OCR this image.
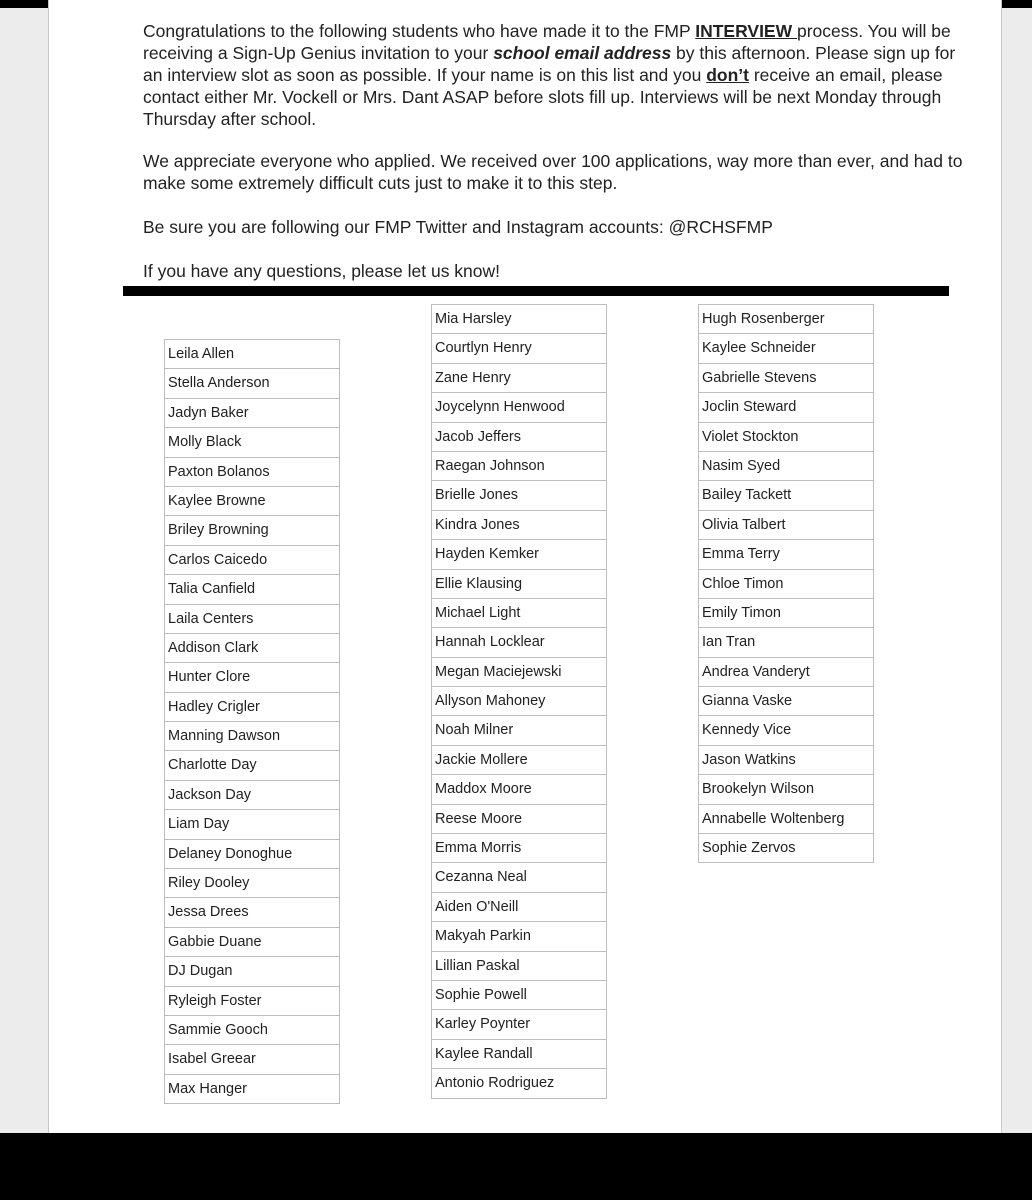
Congratulations to the following students who have made it to the FMP INTERVIEW process. You will be receiving a Sign-Up Genius invitation to your school email address by this afternoon. Please sign up for an interview slot as soon as possible. If your name is on this list and you don’t receive an email, please contact either Mr. Vockell or Mrs. Dant ASAP before slots fill up. Interviews will be next Monday through Thursday after school.

We appreciate everyone who applied. We received over 100 applications, way more than ever, and had to make some extremely difficult cuts just to make it to this step.

Be sure you are following our FMP Twitter and Instagram accounts: @RCHSFMP

If you have any questions, please let us know!

Leila Allen
Stella Anderson
Jadyn Baker
Molly Black
Paxton Bolanos
Kaylee Browne
Briley Browning
Carlos Caicedo
Talia Canfield
Laila Centers
Addison Clark
Hunter Clore
Hadley Crigler
Manning Dawson
Charlotte Day
Jackson Day
Liam Day
Delaney Donoghue
Riley Dooley
Jessa Drees
Gabbie Duane
DJ Dugan
Ryleigh Foster
Sammie Gooch
Isabel Greear
Max Hanger
Mia Harsley
Courtlyn Henry
Zane Henry
Joycelynn Henwood
Jacob Jeffers
Raegan Johnson
Brielle Jones
Kindra Jones
Hayden Kemker
Ellie Klausing
Michael Light
Hannah Locklear
Megan Maciejewski
Allyson Mahoney
Noah Milner
Jackie Mollere
Maddox Moore
Reese Moore
Emma Morris
Cezanna Neal
Aiden O'Neill
Makyah Parkin
Lillian Paskal
Sophie Powell
Karley Poynter
Kaylee Randall
Antonio Rodriguez
Hugh Rosenberger
Kaylee Schneider
Gabrielle Stevens
Joclin Steward
Violet Stockton
Nasim Syed
Bailey Tackett
Olivia Talbert
Emma Terry
Chloe Timon
Emily Timon
Ian Tran
Andrea Vanderyt
Gianna Vaske
Kennedy Vice
Jason Watkins
Brookelyn Wilson
Annabelle Woltenberg
Sophie Zervos
